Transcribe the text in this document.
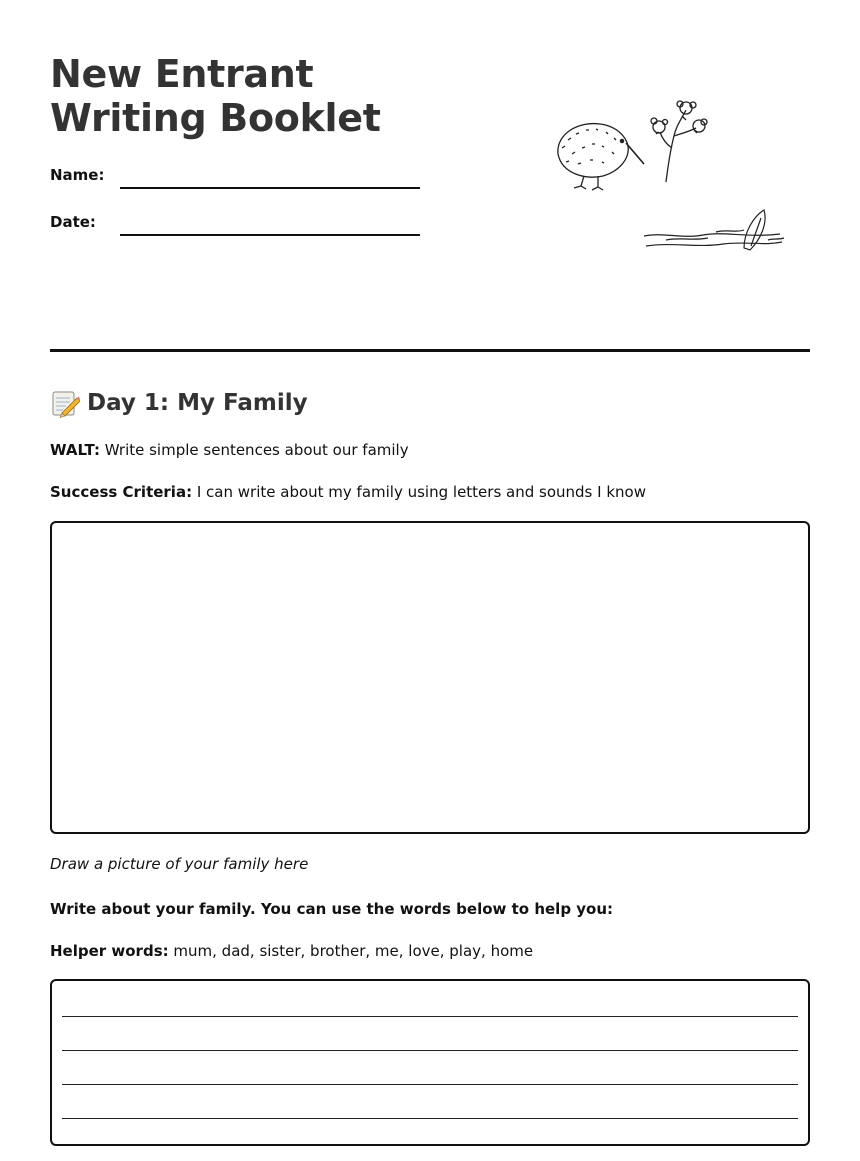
New Entrant Writing Booklet
Name:
Date:
Day 1: My Family
WALT: Write simple sentences about our family
Success Criteria: I can write about my family using letters and sounds I know
Draw a picture of your family here
Write about your family. You can use the words below to help you:
Helper words: mum, dad, sister, brother, me, love, play, home
